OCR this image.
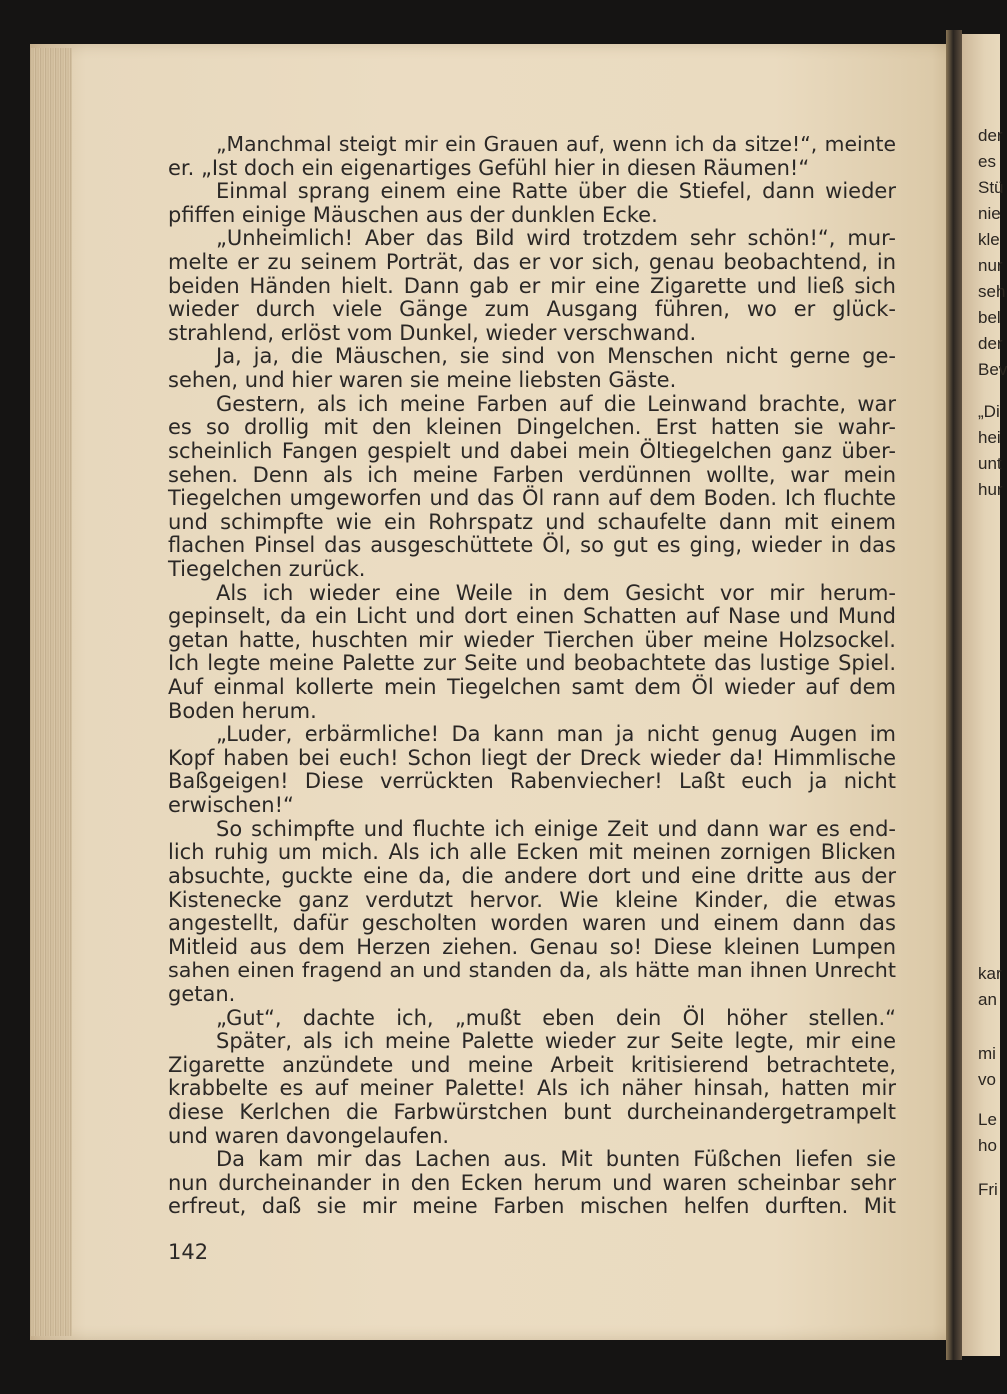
der
es
Stü
nie
kle
nur
seh
bel
der
Bev
„Di
hei
unt
hur
kar
an
mi
vo
Le
ho
Fri
„Manchmal steigt mir ein Grauen auf, wenn ich da sitze!“, meinte
er. „Ist doch ein eigenartiges Gefühl hier in diesen Räumen!“
Einmal sprang einem eine Ratte über die Stiefel, dann wieder
pfiffen einige Mäuschen aus der dunklen Ecke.
„Unheimlich! Aber das Bild wird trotzdem sehr schön!“, mur-
melte er zu seinem Porträt, das er vor sich, genau beobachtend, in
beiden Händen hielt. Dann gab er mir eine Zigarette und ließ sich
wieder durch viele Gänge zum Ausgang führen, wo er glück-
strahlend, erlöst vom Dunkel, wieder verschwand.
Ja, ja, die Mäuschen, sie sind von Menschen nicht gerne ge-
sehen, und hier waren sie meine liebsten Gäste.
Gestern, als ich meine Farben auf die Leinwand brachte, war
es so drollig mit den kleinen Dingelchen. Erst hatten sie wahr-
scheinlich Fangen gespielt und dabei mein Öltiegelchen ganz über-
sehen. Denn als ich meine Farben verdünnen wollte, war mein
Tiegelchen umgeworfen und das Öl rann auf dem Boden. Ich fluchte
und schimpfte wie ein Rohrspatz und schaufelte dann mit einem
flachen Pinsel das ausgeschüttete Öl, so gut es ging, wieder in das
Tiegelchen zurück.
Als ich wieder eine Weile in dem Gesicht vor mir herum-
gepinselt, da ein Licht und dort einen Schatten auf Nase und Mund
getan hatte, huschten mir wieder Tierchen über meine Holzsockel.
Ich legte meine Palette zur Seite und beobachtete das lustige Spiel.
Auf einmal kollerte mein Tiegelchen samt dem Öl wieder auf dem
Boden herum.
„Luder, erbärmliche! Da kann man ja nicht genug Augen im
Kopf haben bei euch! Schon liegt der Dreck wieder da! Himmlische
Baßgeigen! Diese verrückten Rabenviecher! Laßt euch ja nicht
erwischen!“
So schimpfte und fluchte ich einige Zeit und dann war es end-
lich ruhig um mich. Als ich alle Ecken mit meinen zornigen Blicken
absuchte, guckte eine da, die andere dort und eine dritte aus der
Kistenecke ganz verdutzt hervor. Wie kleine Kinder, die etwas
angestellt, dafür gescholten worden waren und einem dann das
Mitleid aus dem Herzen ziehen. Genau so! Diese kleinen Lumpen
sahen einen fragend an und standen da, als hätte man ihnen Unrecht
getan.
„Gut“, dachte ich, „mußt eben dein Öl höher stellen.“
Später, als ich meine Palette wieder zur Seite legte, mir eine
Zigarette anzündete und meine Arbeit kritisierend betrachtete,
krabbelte es auf meiner Palette! Als ich näher hinsah, hatten mir
diese Kerlchen die Farbwürstchen bunt durcheinandergetrampelt
und waren davongelaufen.
Da kam mir das Lachen aus. Mit bunten Füßchen liefen sie
nun durcheinander in den Ecken herum und waren scheinbar sehr
erfreut, daß sie mir meine Farben mischen helfen durften. Mit
142
